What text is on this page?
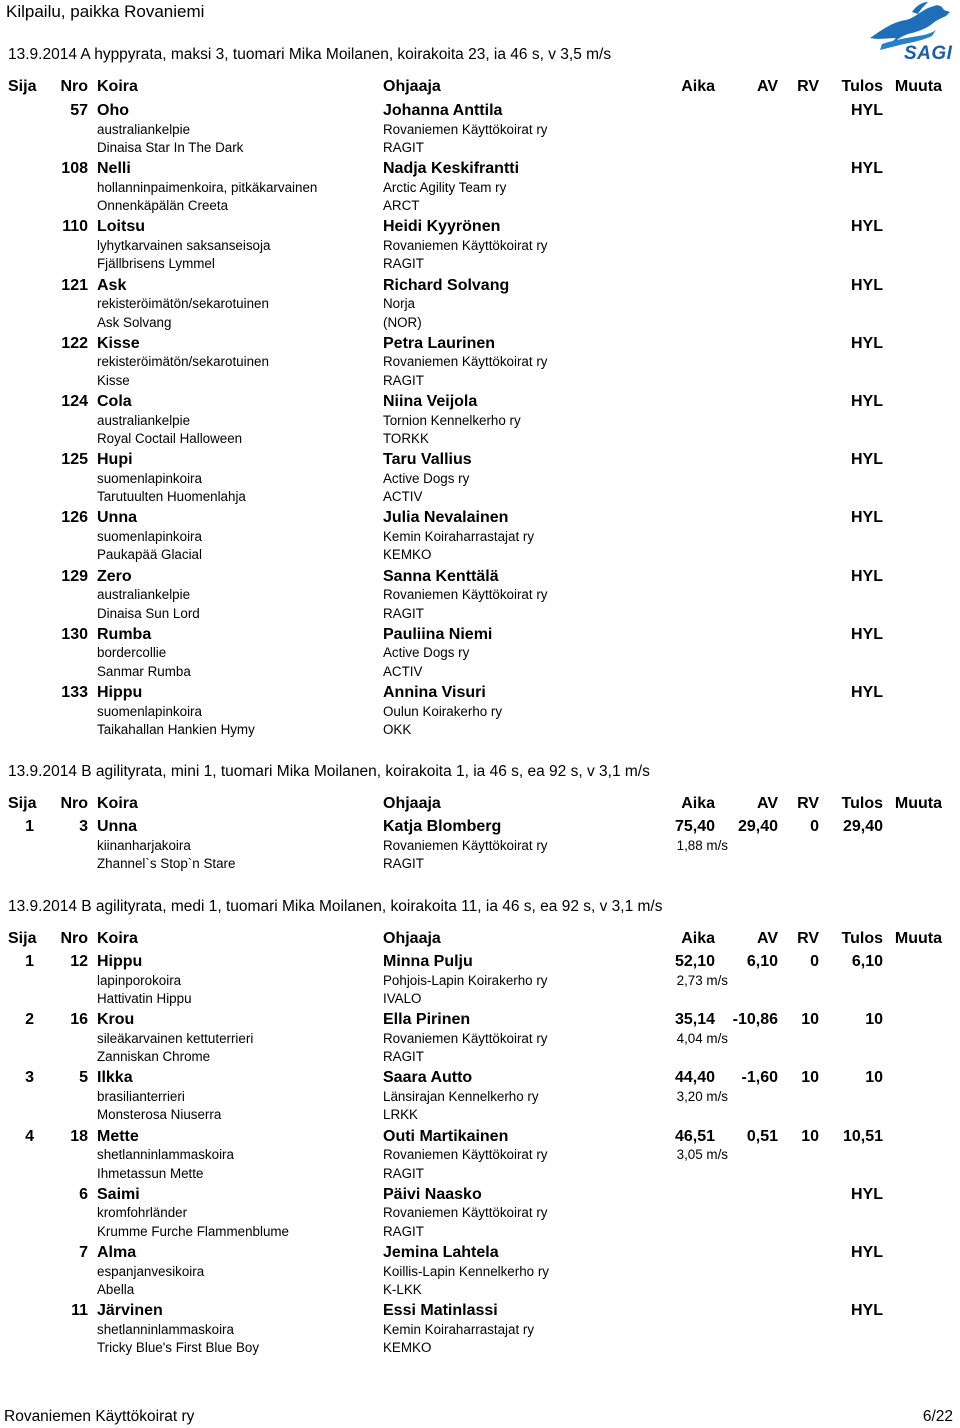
Kilpailu, paikka Rovaniemi
SAGI
13.9.2014 A hyppyrata, maksi 3, tuomari Mika Moilanen, koirakoita 23, ia 46 s, v 3,5 m/s
Sija Nro Koira	Ohjaaja	Aika	AV RV Tulos Muuta
57 Oho	Johanna Anttila	HYL
australiankelpie	Rovaniemen Käyttökoirat ry
Dinaisa Star In The Dark	RAGIT
108 Nelli	Nadja Keskifrantti	HYL
hollanninpaimenkoira, pitkäkarvainen	Arctic Agility Team ry
Onnenkäpälän Creeta	ARCT
110 Loitsu	Heidi Kyyrönen	HYL
lyhytkarvainen saksanseisoja	Rovaniemen Käyttökoirat ry
Fjällbrisens Lymmel	RAGIT
121 Ask	Richard Solvang	HYL
rekisteröimätön/sekarotuinen	Norja
Ask Solvang	(NOR)
122 Kisse	Petra Laurinen	HYL
rekisteröimätön/sekarotuinen	Rovaniemen Käyttökoirat ry
Kisse	RAGIT
124 Cola	Niina Veijola	HYL
australiankelpie	Tornion Kennelkerho ry
Royal Coctail Halloween	TORKK
125 Hupi	Taru Vallius	HYL
suomenlapinkoira	Active Dogs ry
Tarutuulten Huomenlahja	ACTIV
126 Unna	Julia Nevalainen	HYL
suomenlapinkoira	Kemin Koiraharrastajat ry
Paukapää Glacial	KEMKO
129 Zero	Sanna Kenttälä	HYL
australiankelpie	Rovaniemen Käyttökoirat ry
Dinaisa Sun Lord	RAGIT
130 Rumba	Pauliina Niemi	HYL
bordercollie	Active Dogs ry
Sanmar Rumba	ACTIV
133 Hippu	Annina Visuri	HYL
suomenlapinkoira	Oulun Koirakerho ry
Taikahallan Hankien Hymy	OKK
13.9.2014 B agilityrata, mini 1, tuomari Mika Moilanen, koirakoita 1, ia 46 s, ea 92 s, v 3,1 m/s
Sija Nro Koira	Ohjaaja	Aika	AV RV Tulos Muuta
1	3 Unna	Katja Blomberg	75,40 29,40 0 29,40
kiinanharjakoira	Rovaniemen Käyttökoirat ry	1,88 m/s
Zhannel`s Stop`n Stare	RAGIT
13.9.2014 B agilityrata, medi 1, tuomari Mika Moilanen, koirakoita 11, ia 46 s, ea 92 s, v 3,1 m/s
Sija Nro Koira	Ohjaaja	Aika	AV RV Tulos Muuta
1 12 Hippu	Minna Pulju	52,10 6,10 0 6,10
lapinporokoira	Pohjois-Lapin Koirakerho ry	2,73 m/s
Hattivatin Hippu	IVALO
2 16 Krou	Ella Pirinen	35,14 -10,86 10	10
sileäkarvainen kettuterrieri	Rovaniemen Käyttökoirat ry	4,04 m/s
Zanniskan Chrome	RAGIT
3	5 Ilkka	Saara Autto	44,40 -1,60 10	10
brasilianterrieri	Länsirajan Kennelkerho ry	3,20 m/s
Monsterosa Niuserra	LRKK
4 18 Mette	Outi Martikainen	46,51 0,51 10 10,51
shetlanninlammaskoira	Rovaniemen Käyttökoirat ry	3,05 m/s
Ihmetassun Mette	RAGIT
6 Saimi	Päivi Naasko	HYL
kromfohrländer	Rovaniemen Käyttökoirat ry
Krumme Furche Flammenblume	RAGIT
7 Alma	Jemina Lahtela	HYL
espanjanvesikoira	Koillis-Lapin Kennelkerho ry
Abella	K-LKK
11 Järvinen	Essi Matinlassi	HYL
shetlanninlammaskoira	Kemin Koiraharrastajat ry
Tricky Blue's First Blue Boy	KEMKO
Rovaniemen Käyttökoirat ry	6/22
